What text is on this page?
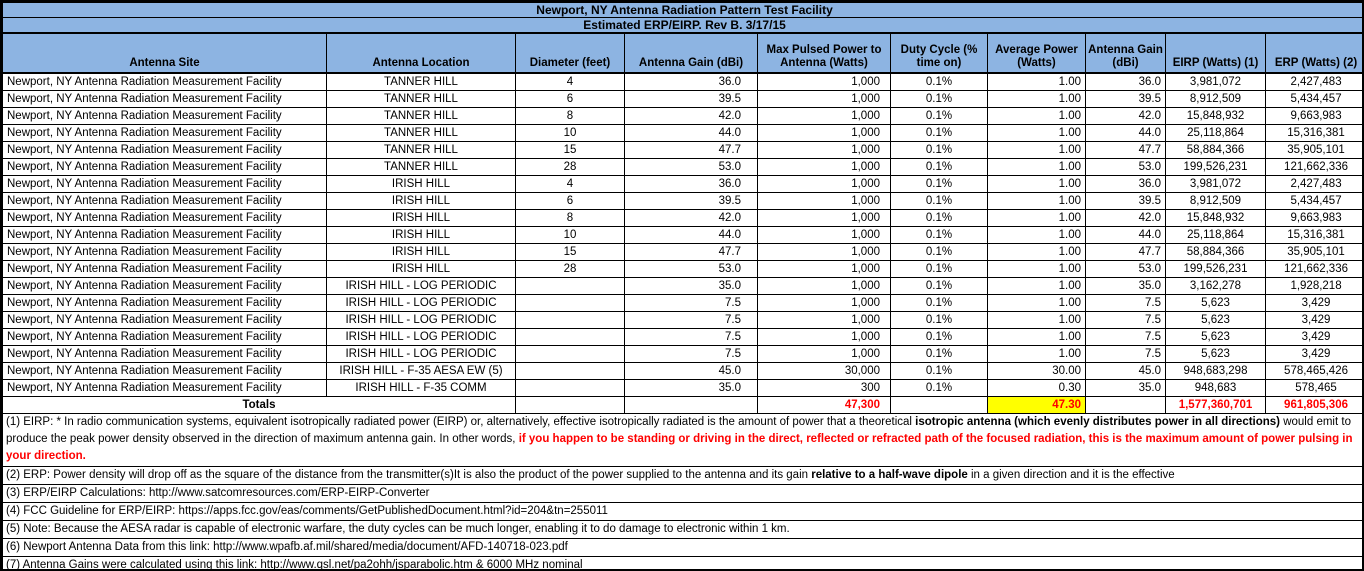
Newport, NY Antenna Radiation Pattern Test Facility									
Estimated ERP/EIRP. Rev B. 3/17/15									
Antenna Site	Antenna Location	Diameter (feet)	Antenna Gain (dBi)	Max Pulsed Power to Antenna (Watts)	Duty Cycle (% time on)	Average Power (Watts)	Antenna Gain (dBi)	EIRP (Watts) (1)	ERP (Watts) (2)
Newport, NY Antenna Radiation Measurement Facility	TANNER HILL	4	36.0	1,000	0.1%	1.00	36.0	3,981,072	2,427,483
Newport, NY Antenna Radiation Measurement Facility	TANNER HILL	6	39.5	1,000	0.1%	1.00	39.5	8,912,509	5,434,457
Newport, NY Antenna Radiation Measurement Facility	TANNER HILL	8	42.0	1,000	0.1%	1.00	42.0	15,848,932	9,663,983
Newport, NY Antenna Radiation Measurement Facility	TANNER HILL	10	44.0	1,000	0.1%	1.00	44.0	25,118,864	15,316,381
Newport, NY Antenna Radiation Measurement Facility	TANNER HILL	15	47.7	1,000	0.1%	1.00	47.7	58,884,366	35,905,101
Newport, NY Antenna Radiation Measurement Facility	TANNER HILL	28	53.0	1,000	0.1%	1.00	53.0	199,526,231	121,662,336
Newport, NY Antenna Radiation Measurement Facility	IRISH HILL	4	36.0	1,000	0.1%	1.00	36.0	3,981,072	2,427,483
Newport, NY Antenna Radiation Measurement Facility	IRISH HILL	6	39.5	1,000	0.1%	1.00	39.5	8,912,509	5,434,457
Newport, NY Antenna Radiation Measurement Facility	IRISH HILL	8	42.0	1,000	0.1%	1.00	42.0	15,848,932	9,663,983
Newport, NY Antenna Radiation Measurement Facility	IRISH HILL	10	44.0	1,000	0.1%	1.00	44.0	25,118,864	15,316,381
Newport, NY Antenna Radiation Measurement Facility	IRISH HILL	15	47.7	1,000	0.1%	1.00	47.7	58,884,366	35,905,101
Newport, NY Antenna Radiation Measurement Facility	IRISH HILL	28	53.0	1,000	0.1%	1.00	53.0	199,526,231	121,662,336
Newport, NY Antenna Radiation Measurement Facility	IRISH HILL - LOG PERIODIC		35.0	1,000	0.1%	1.00	35.0	3,162,278	1,928,218
Newport, NY Antenna Radiation Measurement Facility	IRISH HILL - LOG PERIODIC		7.5	1,000	0.1%	1.00	7.5	5,623	3,429
Newport, NY Antenna Radiation Measurement Facility	IRISH HILL - LOG PERIODIC		7.5	1,000	0.1%	1.00	7.5	5,623	3,429
Newport, NY Antenna Radiation Measurement Facility	IRISH HILL - LOG PERIODIC		7.5	1,000	0.1%	1.00	7.5	5,623	3,429
Newport, NY Antenna Radiation Measurement Facility	IRISH HILL - LOG PERIODIC		7.5	1,000	0.1%	1.00	7.5	5,623	3,429
Newport, NY Antenna Radiation Measurement Facility	IRISH HILL - F-35 AESA EW (5)		45.0	30,000	0.1%	30.00	45.0	948,683,298	578,465,426
Newport, NY Antenna Radiation Measurement Facility	IRISH HILL - F-35 COMM		35.0	300	0.1%	0.30	35.0	948,683	578,465
Totals				47,300		47.30		1,577,360,701	961,805,306
(1) EIRP: * In radio communication systems, equivalent isotropically radiated power (EIRP) or, alternatively, effective isotropically radiated is the amount of power that a theoretical isotropic antenna (which evenly distributes power in all directions) would emit to produce the peak power density observed in the direction of maximum antenna gain. In other words, if you happen to be standing or driving in the direct, reflected or refracted path of the focused radiation, this is the maximum amount of power pulsing in your direction.									
(2) ERP: Power density will drop off as the square of the distance from the transmitter(s)It is also the product of the power supplied to the antenna and its gain relative to a half-wave dipole in a given direction and it is the effective									
(3) ERP/EIRP Calculations: http://www.satcomresources.com/ERP-EIRP-Converter									
(4) FCC Guideline for ERP/EIRP: https://apps.fcc.gov/eas/comments/GetPublishedDocument.html?id=204&tn=255011									
(5) Note: Because the AESA radar is capable of electronic warfare, the duty cycles can be much longer, enabling it to do damage to electronic within 1 km.									
(6) Newport Antenna Data from this link: http://www.wpafb.af.mil/shared/media/document/AFD-140718-023.pdf									
(7) Antenna Gains were calculated using this link: http://www.qsl.net/pa2ohh/jsparabolic.htm & 6000 MHz nominal									
